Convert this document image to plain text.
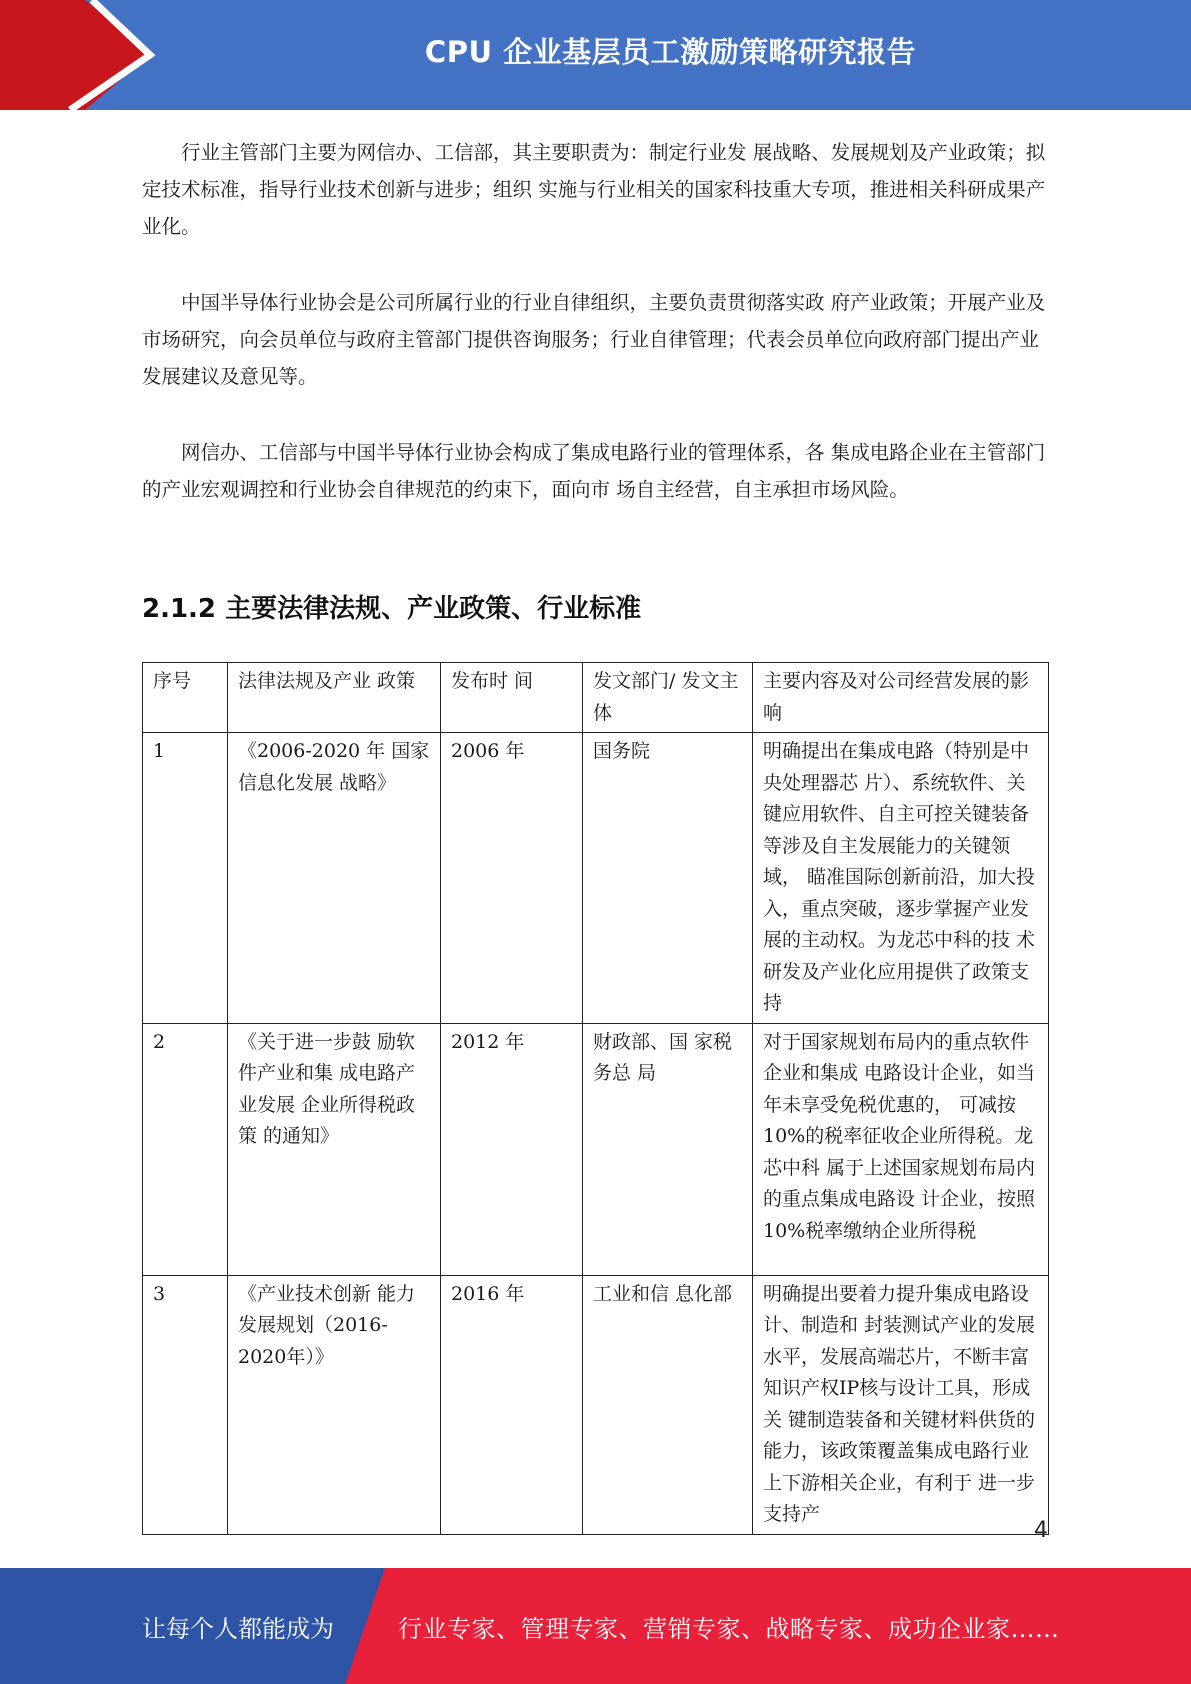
CPU 企业基层员工激励策略研究报告

行业主管部门主要为网信办、工信部，其主要职责为：制定行业发 展战略、发展规划及产业政策；拟定技术标准，指导行业技术创新与进步；组织 实施与行业相关的国家科技重大专项，推进相关科研成果产业化。

中国半导体行业协会是公司所属行业的行业自律组织，主要负责贯彻落实政 府产业政策；开展产业及市场研究，向会员单位与政府主管部门提供咨询服务；行业自律管理；代表会员单位向政府部门提出产业发展建议及意见等。

网信办、工信部与中国半导体行业协会构成了集成电路行业的管理体系，各 集成电路企业在主管部门的产业宏观调控和行业协会自律规范的约束下，面向市 场自主经营，自主承担市场风险。

2.1.2 主要法律法规、产业政策、行业标准
序号	法律法规及产业 政策	发布时 间	发文部门/ 发文主体	主要内容及对公司经营发展的影响
1	《2006-2020 年 国家信息化发展 战略》	2006 年	国务院	明确提出在集成电路（特别是中央处理器芯 片）、系统软件、关键应用软件、自主可控关键装备等涉及自主发展能力的关键领域， 瞄准国际创新前沿，加大投入，重点突破，逐步掌握产业发展的主动权。为龙芯中科的技 术研发及产业化应用提供了政策支持
2	《关于进一步鼓 励软件产业和集 成电路产业发展 企业所得税政策 的通知》	2012 年	财政部、国 家税务总 局	对于国家规划布局内的重点软件企业和集成 电路设计企业，如当年未享受免税优惠的， 可减按10%的税率征收企业所得税。龙芯中科 属于上述国家规划布局内的重点集成电路设 计企业，按照10%税率缴纳企业所得税
3	《产业技术创新 能力发展规划（2016-2020年）》	2016 年	工业和信 息化部	明确提出要着力提升集成电路设计、制造和 封装测试产业的发展水平，发展高端芯片，不断丰富知识产权IP核与设计工具，形成关 键制造装备和关键材料供货的能力，该政策覆盖集成电路行业上下游相关企业，有利于 进一步支持产
4
让每个人都能成为	行业专家、管理专家、营销专家、战略专家、成功企业家……
